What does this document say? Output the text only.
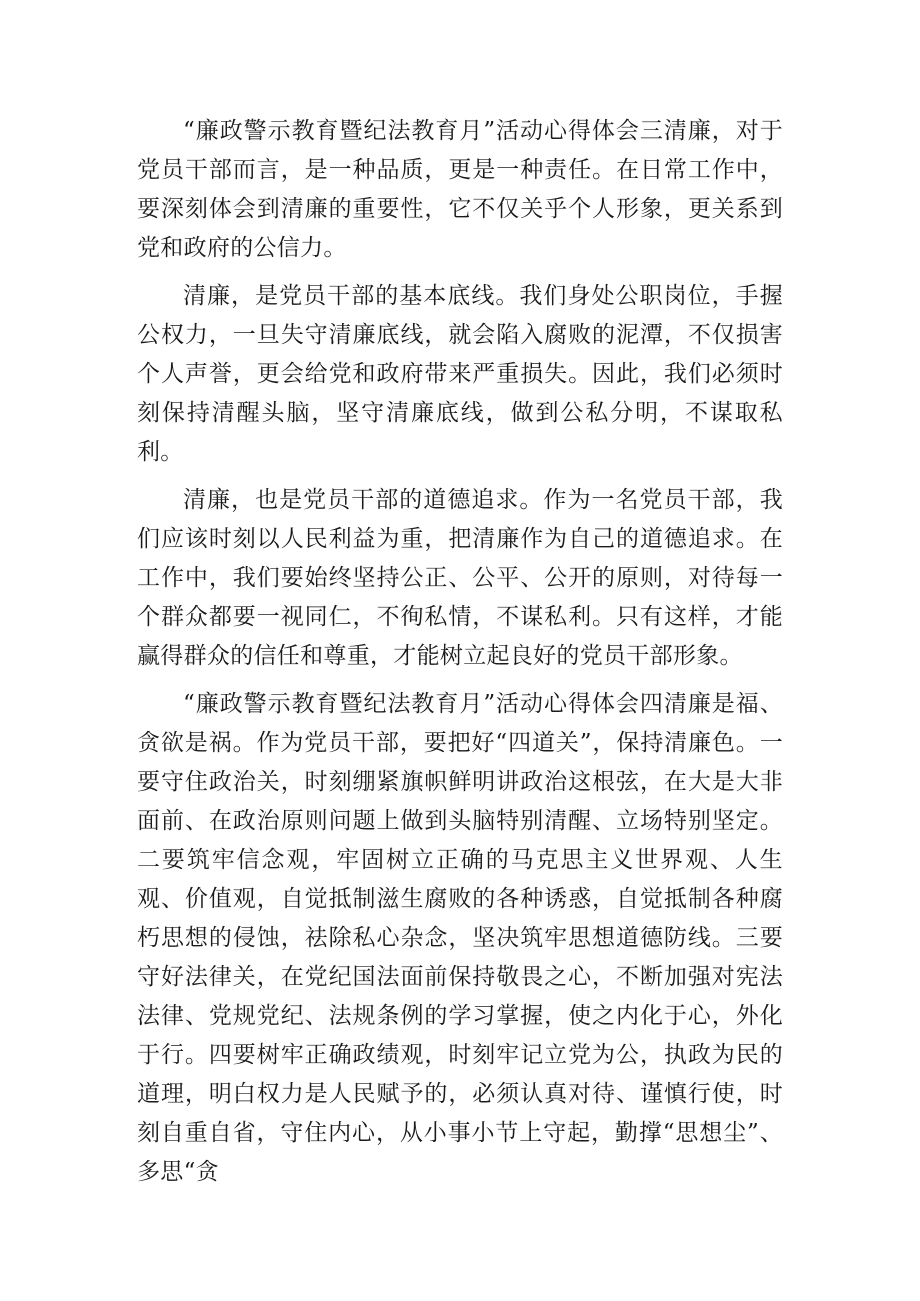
“廉政警示教育暨纪法教育月”活动心得体会三清廉，对于党员干部而言，是一种品质，更是一种责任。在日常工作中，要深刻体会到清廉的重要性，它不仅关乎个人形象，更关系到党和政府的公信力。

清廉，是党员干部的基本底线。我们身处公职岗位，手握公权力，一旦失守清廉底线，就会陷入腐败的泥潭，不仅损害个人声誉，更会给党和政府带来严重损失。因此，我们必须时刻保持清醒头脑，坚守清廉底线，做到公私分明，不谋取私利。

清廉，也是党员干部的道德追求。作为一名党员干部，我们应该时刻以人民利益为重，把清廉作为自己的道德追求。在工作中，我们要始终坚持公正、公平、公开的原则，对待每一个群众都要一视同仁，不徇私情，不谋私利。只有这样，才能赢得群众的信任和尊重，才能树立起良好的党员干部形象。

“廉政警示教育暨纪法教育月”活动心得体会四清廉是福、贪欲是祸。作为党员干部，要把好“四道关”，保持清廉色。一要守住政治关，时刻绷紧旗帜鲜明讲政治这根弦，在大是大非面前、在政治原则问题上做到头脑特别清醒、立场特别坚定。二要筑牢信念观，牢固树立正确的马克思主义世界观、人生观、价值观，自觉抵制滋生腐败的各种诱惑，自觉抵制各种腐朽思想的侵蚀，祛除私心杂念，坚决筑牢思想道德防线。三要守好法律关，在党纪国法面前保持敬畏之心，不断加强对宪法法律、党规党纪、法规条例的学习掌握，使之内化于心，外化于行。四要树牢正确政绩观，时刻牢记立党为公，执政为民的道理，明白权力是人民赋予的，必须认真对待、谨慎行使，时刻自重自省，守住内心，从小事小节上守起，勤撑“思想尘”、多思“贪
